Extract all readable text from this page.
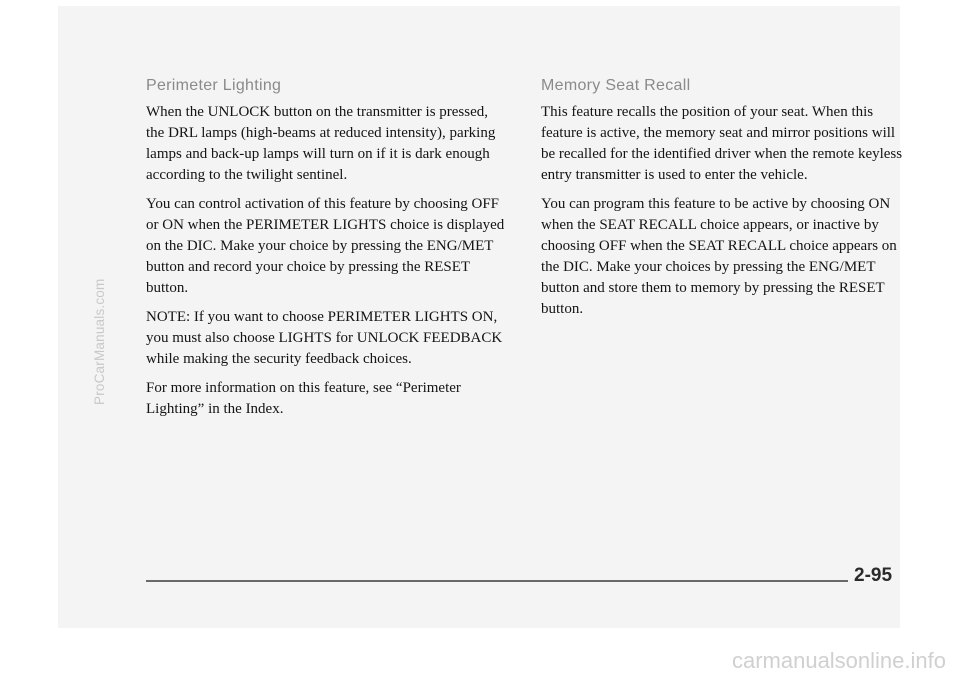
Perimeter Lighting

When the UNLOCK button on the transmitter is pressed, the DRL lamps (high-beams at reduced intensity), parking lamps and back-up lamps will turn on if it is dark enough according to the twilight sentinel.

You can control activation of this feature by choosing OFF or ON when the PERIMETER LIGHTS choice is displayed on the DIC. Make your choice by pressing the ENG/MET button and record your choice by pressing the RESET button.

NOTE: If you want to choose PERIMETER LIGHTS ON, you must also choose LIGHTS for UNLOCK FEEDBACK while making the security feedback choices.

For more information on this feature, see “Perimeter Lighting” in the Index.

Memory Seat Recall

This feature recalls the position of your seat. When this feature is active, the memory seat and mirror positions will be recalled for the identified driver when the remote keyless entry transmitter is used to enter the vehicle.

You can program this feature to be active by choosing ON when the SEAT RECALL choice appears, or inactive by choosing OFF when the SEAT RECALL choice appears on the DIC. Make your choices by pressing the ENG/MET button and store them to memory by pressing the RESET button.

2-95
ProCarManuals.com
carmanualsonline.info
